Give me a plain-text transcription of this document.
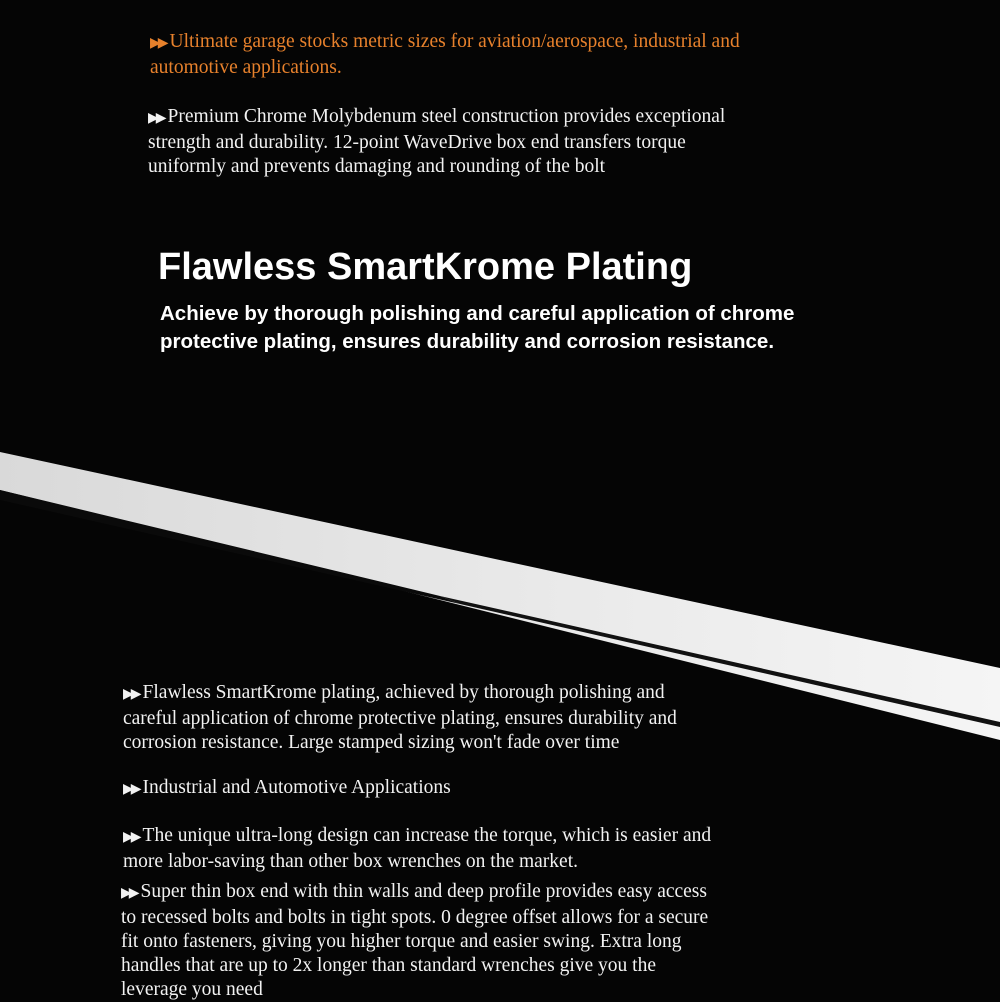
▶▶ Ultimate garage stocks metric sizes for aviation/aerospace, industrial and automotive applications.
▶▶ Premium Chrome Molybdenum steel construction provides exceptional strength and durability. 12-point WaveDrive box end transfers torque uniformly and prevents damaging and rounding of the bolt
Flawless SmartKrome Plating
Achieve by thorough polishing and careful application of chrome protective plating, ensures durability and corrosion resistance.
▶▶ Flawless SmartKrome plating, achieved by thorough polishing and careful application of chrome protective plating, ensures durability and corrosion resistance. Large stamped sizing won't fade over time
▶▶ Industrial and Automotive Applications
▶▶ The unique ultra-long design can increase the torque, which is easier and more labor-saving than other box wrenches on the market.
▶▶ Super thin box end with thin walls and deep profile provides easy access to recessed bolts and bolts in tight spots. 0 degree offset allows for a secure fit onto fasteners, giving you higher torque and easier swing. Extra long handles that are up to 2x longer than standard wrenches give you the leverage you need
